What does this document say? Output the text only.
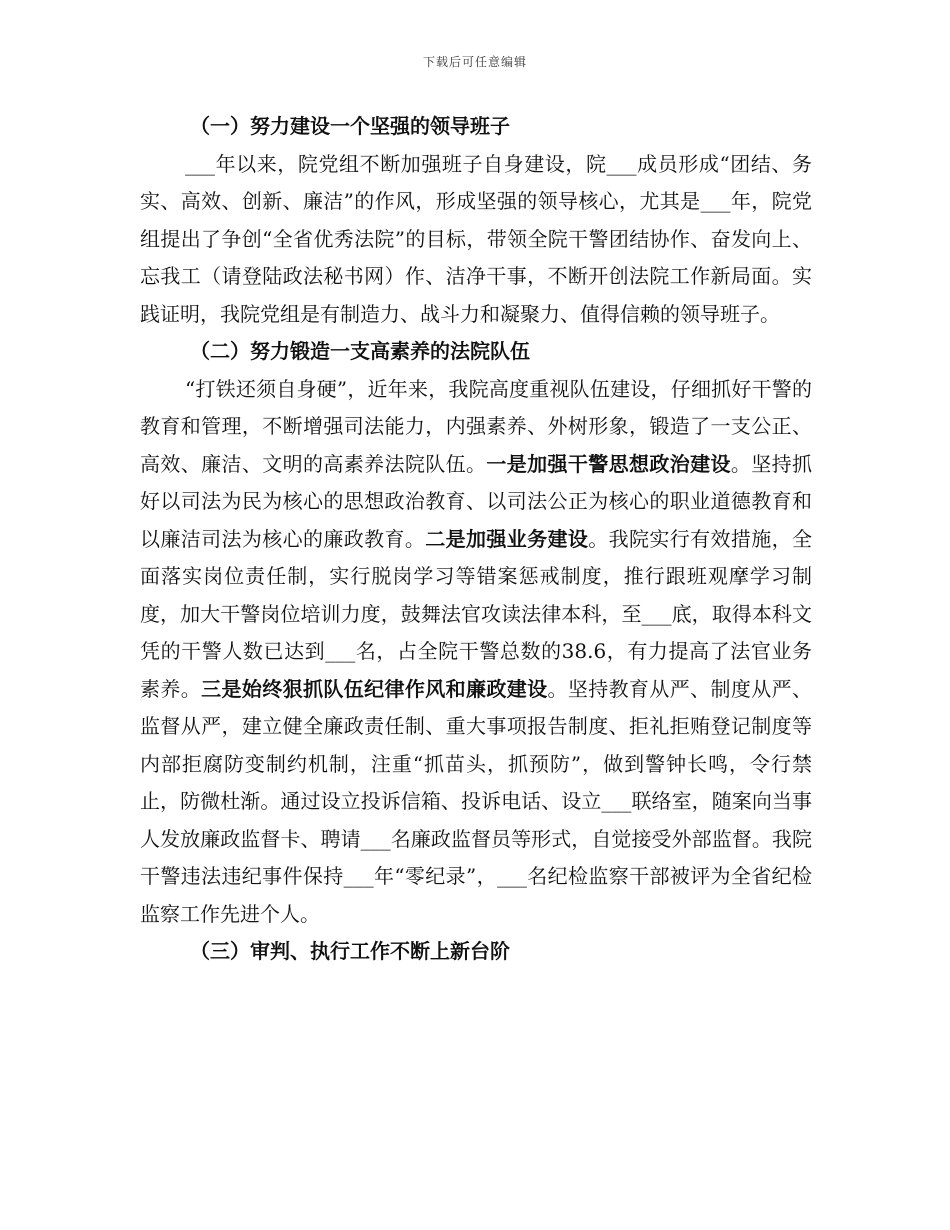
下载后可任意编辑
（一）努力建设一个坚强的领导班子

___年以来，院党组不断加强班子自身建设，院___成员形成“团结、务实、高效、创新、廉洁”的作风，形成坚强的领导核心，尤其是___年，院党组提出了争创“全省优秀法院”的目标，带领全院干警团结协作、奋发向上、忘我工（请登陆政法秘书网）作、洁净干事，不断开创法院工作新局面。实践证明，我院党组是有制造力、战斗力和凝聚力、值得信赖的领导班子。

（二）努力锻造一支高素养的法院队伍

“打铁还须自身硬”，近年来，我院高度重视队伍建设，仔细抓好干警的教育和管理，不断增强司法能力，内强素养、外树形象，锻造了一支公正、高效、廉洁、文明的高素养法院队伍。一是加强干警思想政治建设。坚持抓好以司法为民为核心的思想政治教育、以司法公正为核心的职业道德教育和以廉洁司法为核心的廉政教育。二是加强业务建设。我院实行有效措施，全面落实岗位责任制，实行脱岗学习等错案惩戒制度，推行跟班观摩学习制度，加大干警岗位培训力度，鼓舞法官攻读法律本科，至___底，取得本科文凭的干警人数已达到___名，占全院干警总数的38.6，有力提高了法官业务素养。三是始终狠抓队伍纪律作风和廉政建设。坚持教育从严、制度从严、监督从严，建立健全廉政责任制、重大事项报告制度、拒礼拒贿登记制度等内部拒腐防变制约机制，注重“抓苗头，抓预防”，做到警钟长鸣，令行禁止，防微杜渐。通过设立投诉信箱、投诉电话、设立___联络室，随案向当事人发放廉政监督卡、聘请___名廉政监督员等形式，自觉接受外部监督。我院干警违法违纪事件保持___年“零纪录”，___名纪检监察干部被评为全省纪检监察工作先进个人。

（三）审判、执行工作不断上新台阶
